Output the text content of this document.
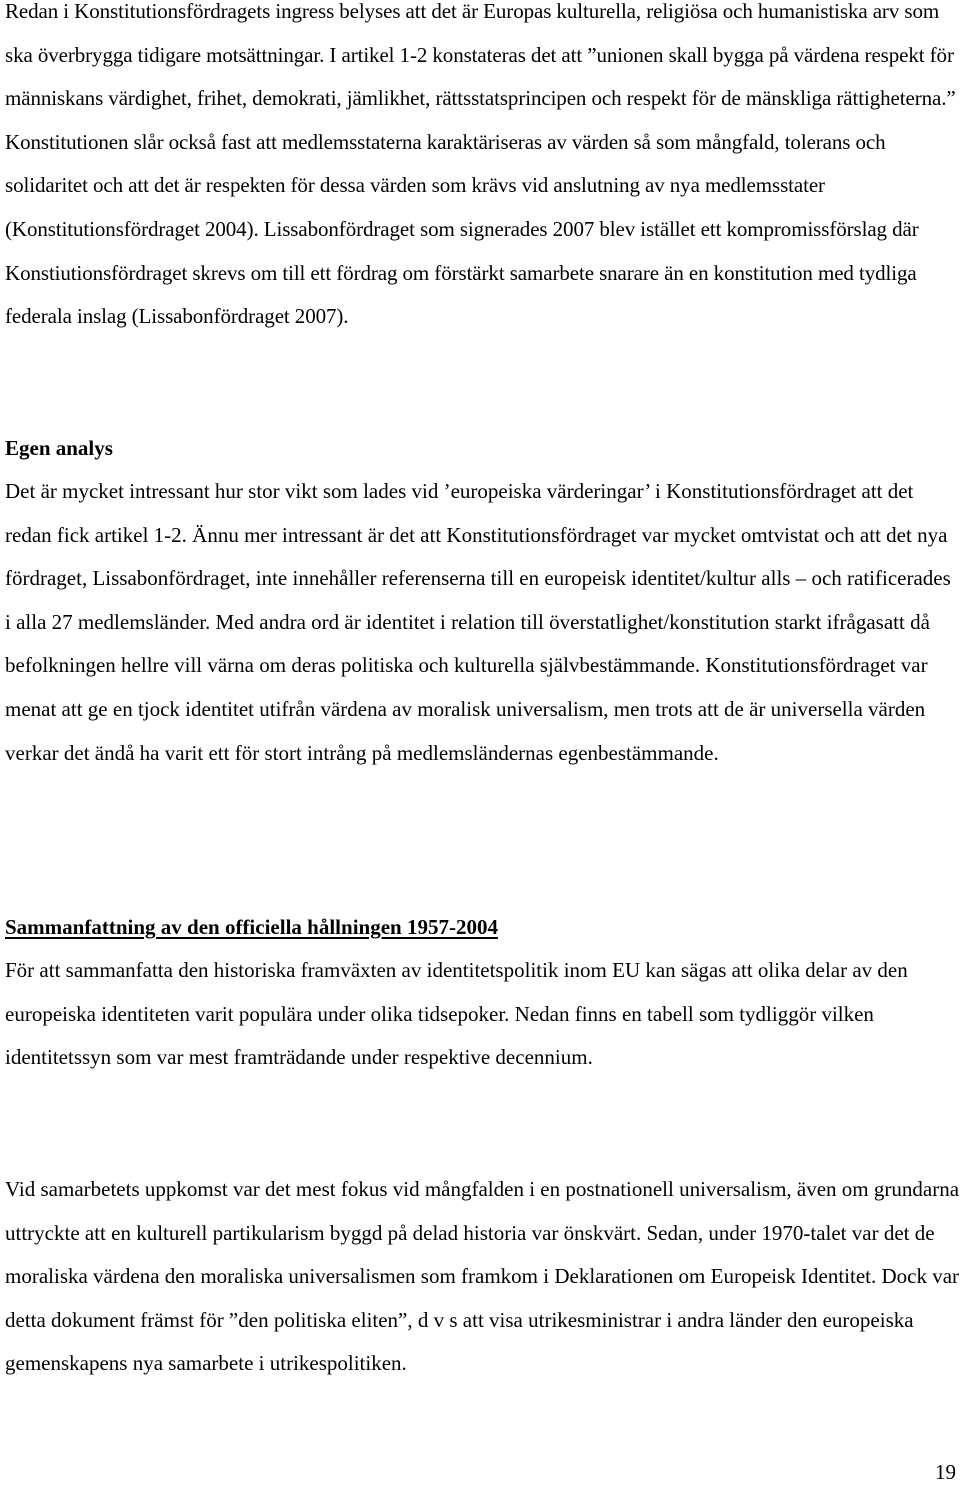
Redan i Konstitutionsfördragets ingress belyses att det är Europas kulturella, religiösa och humanistiska arv som ska överbrygga tidigare motsättningar. I artikel 1-2 konstateras det att ”unionen skall bygga på värdena respekt för människans värdighet, frihet, demokrati, jämlikhet, rättsstatsprincipen och respekt för de mänskliga rättigheterna.” Konstitutionen slår också fast att medlemsstaterna karaktäriseras av värden så som mångfald, tolerans och solidaritet och att det är respekten för dessa värden som krävs vid anslutning av nya medlemsstater (Konstitutionsfördraget 2004). Lissabonfördraget som signerades 2007 blev istället ett kompromissförslag där Konstiutionsfördraget skrevs om till ett fördrag om förstärkt samarbete snarare än en konstitution med tydliga federala inslag (Lissabonfördraget 2007).

Egen analys

Det är mycket intressant hur stor vikt som lades vid ’europeiska värderingar’ i Konstitutionsfördraget att det redan fick artikel 1-2. Ännu mer intressant är det att Konstitutionsfördraget var mycket omtvistat och att det nya fördraget, Lissabonfördraget, inte innehåller referenserna till en europeisk identitet/kultur alls – och ratificerades i alla 27 medlemsländer. Med andra ord är identitet i relation till överstatlighet/konstitution starkt ifrågasatt då befolkningen hellre vill värna om deras politiska och kulturella självbestämmande. Konstitutionsfördraget var menat att ge en tjock identitet utifrån värdena av moralisk universalism, men trots att de är universella värden verkar det ändå ha varit ett för stort intrång på medlemsländernas egenbestämmande.

Sammanfattning av den officiella hållningen 1957-2004

För att sammanfatta den historiska framväxten av identitetspolitik inom EU kan sägas att olika delar av den europeiska identiteten varit populära under olika tidsepoker. Nedan finns en tabell som tydliggör vilken identitetssyn som var mest framträdande under respektive decennium.

Vid samarbetets uppkomst var det mest fokus vid mångfalden i en postnationell universalism, även om grundarna uttryckte att en kulturell partikularism byggd på delad historia var önskvärt. Sedan, under 1970-talet var det de moraliska värdena den moraliska universalismen som framkom i Deklarationen om Europeisk Identitet. Dock var detta dokument främst för ”den politiska eliten”, d v s att visa utrikesministrar i andra länder den europeiska gemenskapens nya samarbete i utrikespolitiken.

19
